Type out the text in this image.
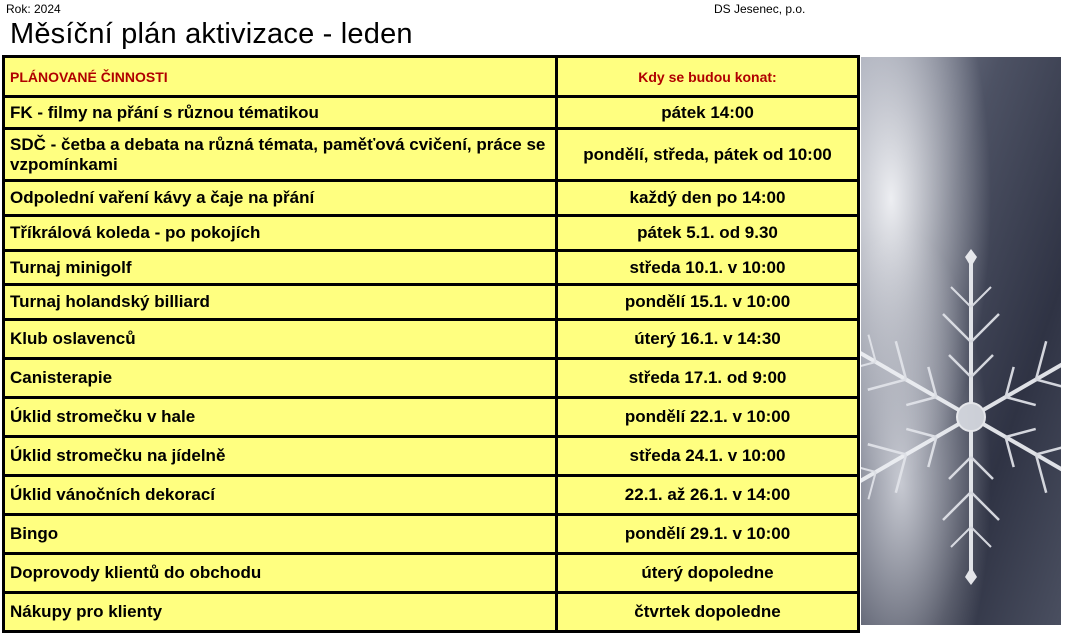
Rok: 2024	DS Jesenec, p.o.
Měsíční plán aktivizace - leden
PLÁNOVANÉ ČINNOSTI	Kdy se budou konat:
FK - filmy na přání s různou tématikou	pátek 14:00
SDČ - četba a debata na různá témata, paměťová cvičení, práce se vzpomínkami	pondělí, středa, pátek od 10:00
Odpolední vaření kávy a čaje na přání	každý den po 14:00
Tříkrálová koleda - po pokojích	pátek 5.1. od 9.30
Turnaj minigolf	středa 10.1. v 10:00
Turnaj holandský billiard	pondělí 15.1. v 10:00
Klub oslavenců	úterý 16.1. v 14:30
Canisterapie	středa 17.1. od 9:00
Úklid stromečku v hale	pondělí 22.1. v 10:00
Úklid stromečku na jídelně	středa 24.1. v 10:00
Úklid vánočních dekorací	22.1. až 26.1. v 14:00
Bingo	pondělí 29.1. v 10:00
Doprovody klientů do obchodu	úterý dopoledne
Nákupy pro klienty	čtvrtek dopoledne
